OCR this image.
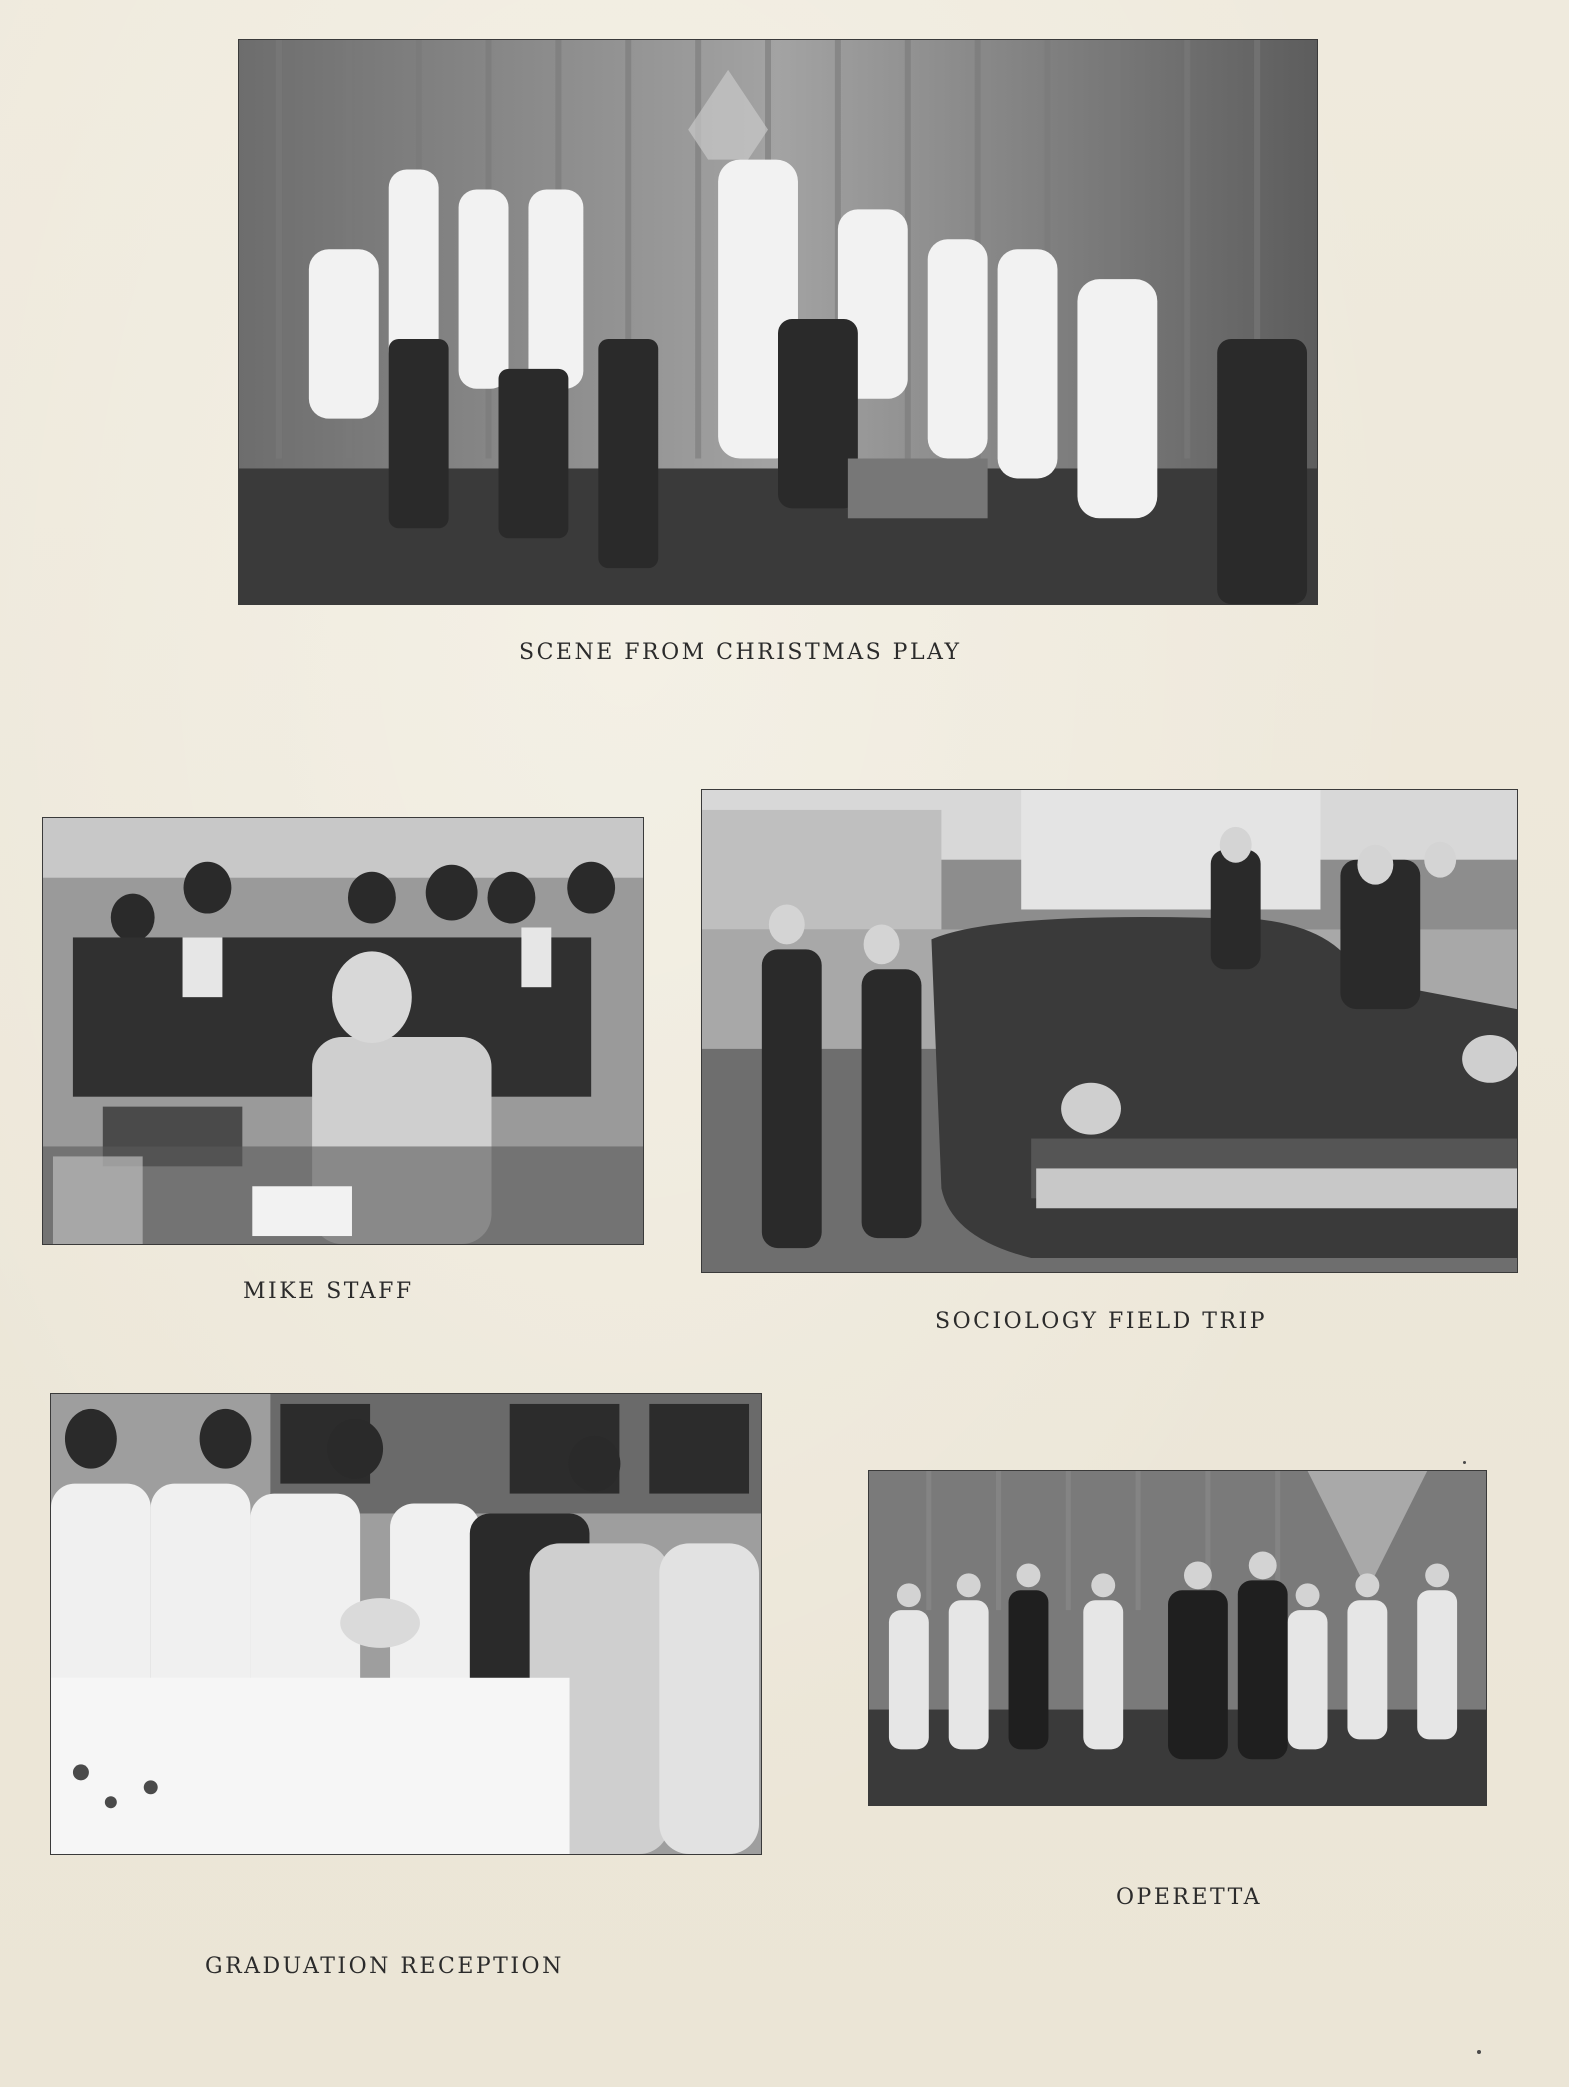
SCENE FROM CHRISTMAS PLAY
MIKE STAFF
SOCIOLOGY FIELD TRIP
GRADUATION RECEPTION
OPERETTA
